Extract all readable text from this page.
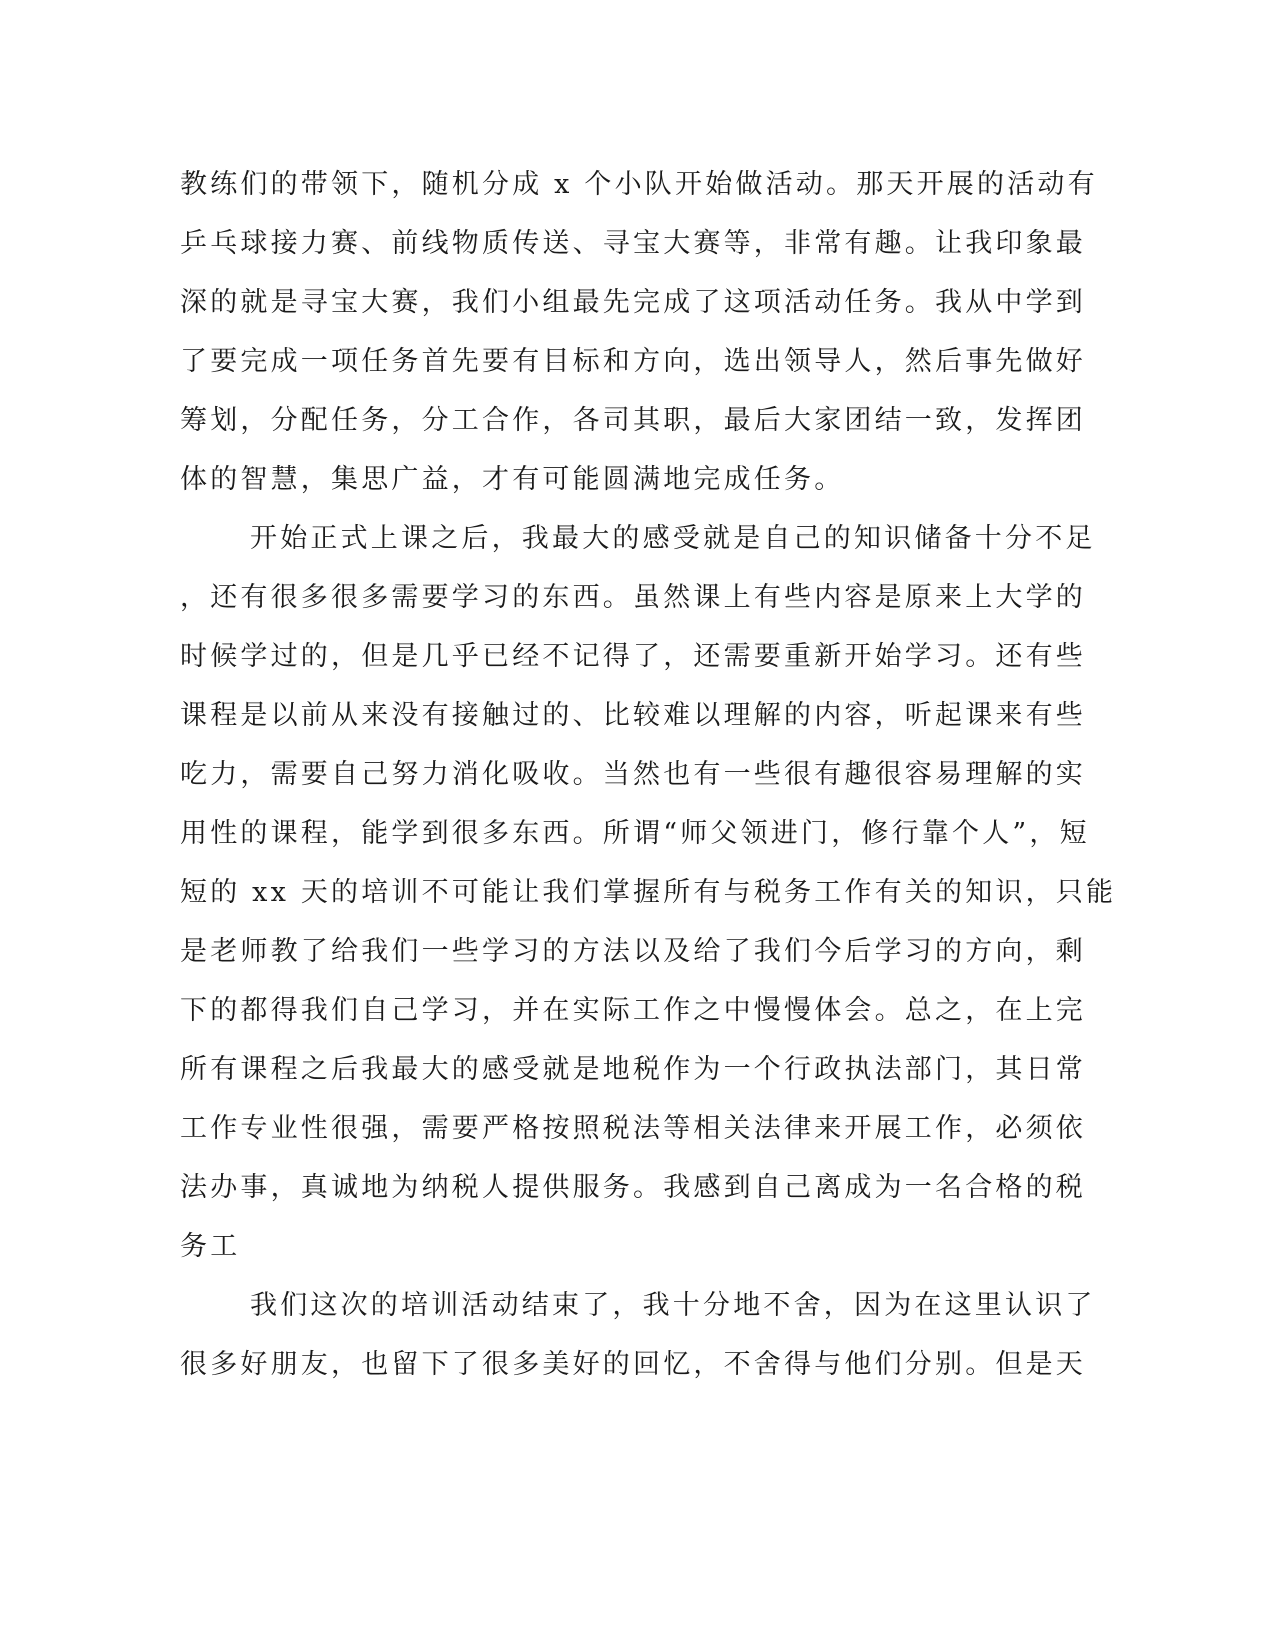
教练们的带领下，随机分成 x 个小队开始做活动。那天开展的活动有
乒乓球接力赛、前线物质传送、寻宝大赛等，非常有趣。让我印象最
深的就是寻宝大赛，我们小组最先完成了这项活动任务。我从中学到
了要完成一项任务首先要有目标和方向，选出领导人，然后事先做好
筹划，分配任务，分工合作，各司其职，最后大家团结一致，发挥团
体的智慧，集思广益，才有可能圆满地完成任务。
开始正式上课之后，我最大的感受就是自己的知识储备十分不足
，还有很多很多需要学习的东西。虽然课上有些内容是原来上大学的
时候学过的，但是几乎已经不记得了，还需要重新开始学习。还有些
课程是以前从来没有接触过的、比较难以理解的内容，听起课来有些
吃力，需要自己努力消化吸收。当然也有一些很有趣很容易理解的实
用性的课程，能学到很多东西。所谓“师父领进门，修行靠个人”，短
短的 xx 天的培训不可能让我们掌握所有与税务工作有关的知识，只能
是老师教了给我们一些学习的方法以及给了我们今后学习的方向，剩
下的都得我们自己学习，并在实际工作之中慢慢体会。总之，在上完
所有课程之后我最大的感受就是地税作为一个行政执法部门，其日常
工作专业性很强，需要严格按照税法等相关法律来开展工作，必须依
法办事，真诚地为纳税人提供服务。我感到自己离成为一名合格的税
务工
我们这次的培训活动结束了，我十分地不舍，因为在这里认识了
很多好朋友，也留下了很多美好的回忆，不舍得与他们分别。但是天
